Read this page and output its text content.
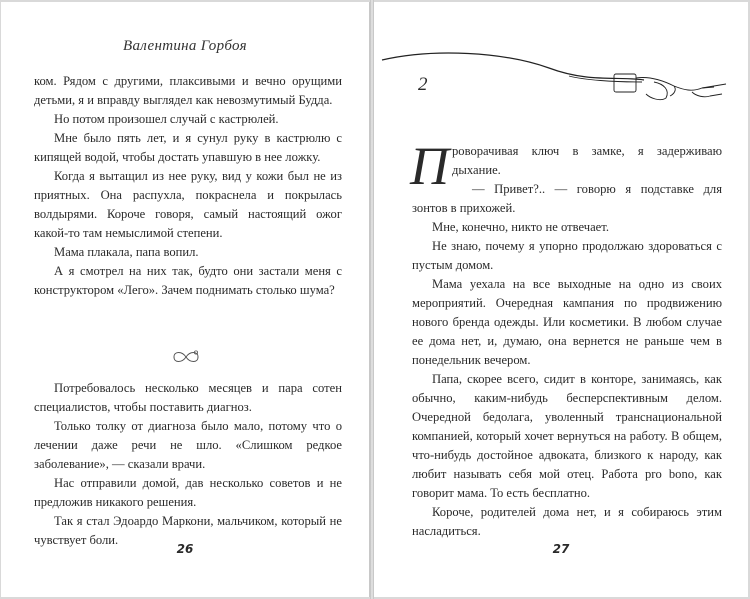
Валентина Горбоя

ком. Рядом с другими, плаксивыми и вечно орущими детьми, я и вправду выглядел как невозмутимый Будда.

Но потом произошел случай с кастрюлей.

Мне было пять лет, и я сунул руку в кастрюлю с кипящей водой, чтобы достать упавшую в нее ложку.

Когда я вытащил из нее руку, вид у кожи был не из приятных. Она распухла, покраснела и покрылась волдырями. Короче говоря, самый настоящий ожог какой-то там немыслимой степени.

Мама плакала, папа вопил.

А я смотрел на них так, будто они застали меня с конструктором «Лего». Зачем поднимать столько шума?

Потребовалось несколько месяцев и пара сотен специалистов, чтобы поставить диагноз.

Только толку от диагноза было мало, потому что о лечении даже речи не шло. «Слишком редкое заболевание», — сказали врачи.

Нас отправили домой, дав несколько советов и не предложив никакого решения.

Так я стал Эдоардо Маркони, мальчиком, который не чувствует боли.

26
2

Проворачивая ключ в замке, я задерживаю дыхание.

— Привет?.. — говорю я подставке для зонтов в прихожей.

Мне, конечно, никто не отвечает.

Не знаю, почему я упорно продолжаю здороваться с пустым домом.

Мама уехала на все выходные на одно из своих мероприятий. Очередная кампания по продвижению нового бренда одежды. Или косметики. В любом случае ее дома нет, и, думаю, она вернется не раньше чем в понедельник вечером.

Папа, скорее всего, сидит в конторе, занимаясь, как обычно, каким-нибудь бесперспективным делом. Очередной бедолага, уволенный транснациональной компанией, который хочет вернуться на работу. В общем, что-нибудь достойное адвоката, близкого к народу, как любит называть себя мой отец. Работа pro bono, как говорит мама. То есть бесплатно.

Короче, родителей дома нет, и я собираюсь этим насладиться.

27
